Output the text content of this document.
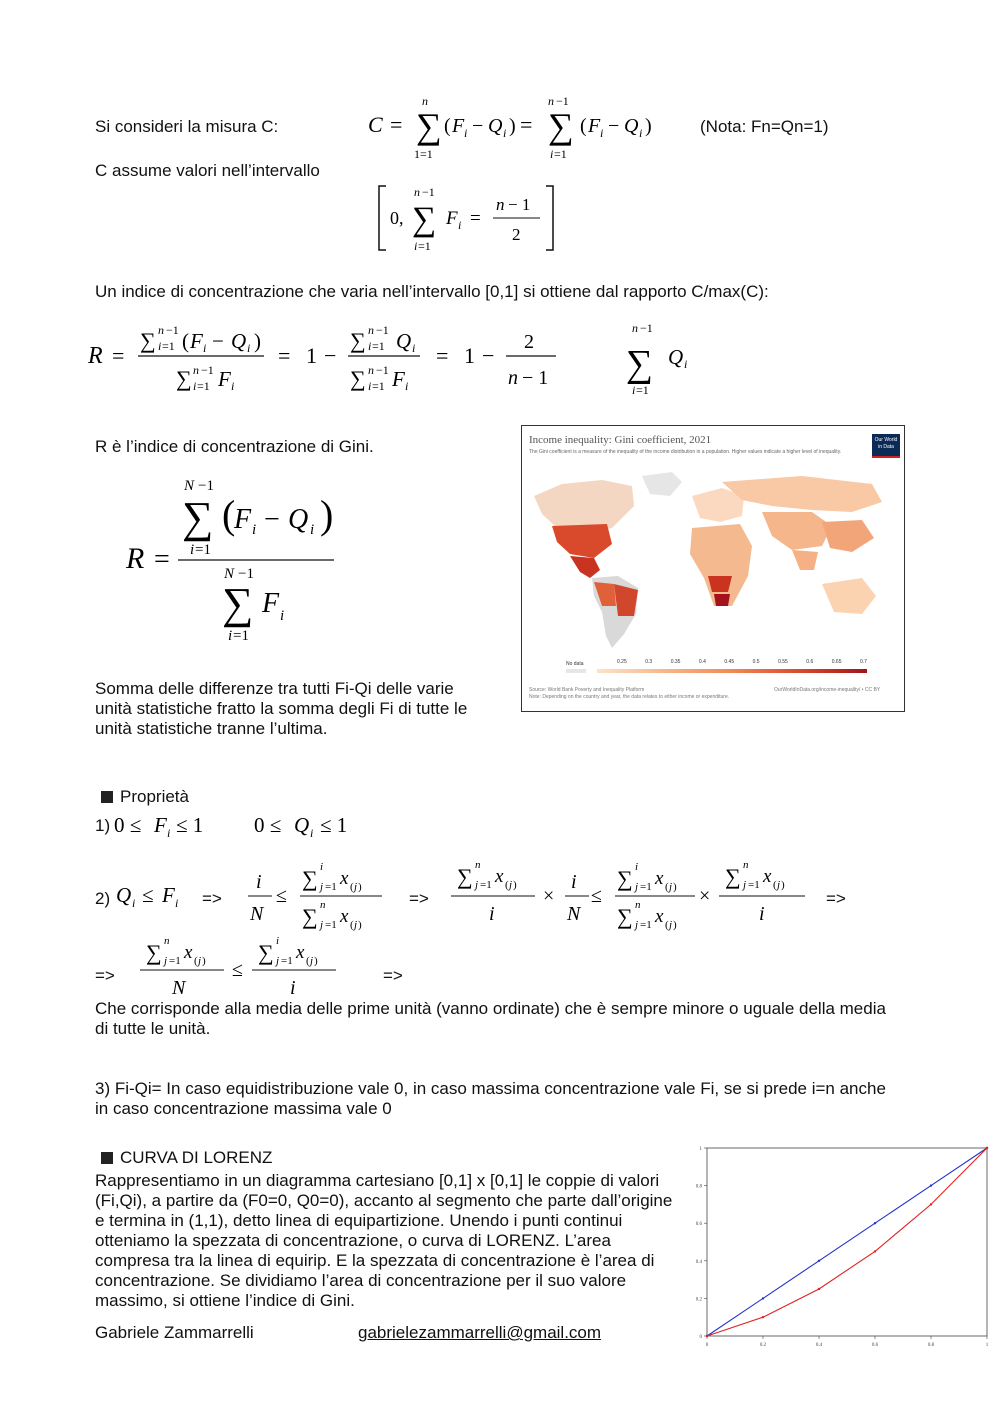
Si consideri la misura C:	(Nota: Fn=Qn=1)
C assume valori nell’intervallo
C = ∑
n
1=1
( F i − Q i ) = ∑
n −1
i =1
( F i − Q i )
0, ∑
n −1
i =1
F i =
n − 1
2
Un indice di concentrazione che varia nell’intervallo [0,1] si ottiene dal rapporto C/max(C):
R =
∑ n −1
i =1 ( F i − Q i )
∑ n −1
i =1 F i
= 1 −
∑ n −1
i =1 Q i
∑ n −1
i =1 F i
= 1 −
2
n − 1
n −1
∑
i =1
Q i
R è l’indice di concentrazione di Gini.
R =
N −1
∑
i =1
(
F i − Q i )
N −1
∑
i =1
F i
Somma delle differenze tra tutti Fi-Qi delle varie unità statistiche fratto la somma degli Fi di tutte le unità statistiche tranne l’ultima.
Income inequality: Gini coefficient, 2021
The Gini coefficient is a measure of the inequality of the income distribution in a population. Higher values indicate a higher level of inequality.
Our World
in Data
No data	0.25	0.3	0.35	0.4	0.45	0.5	0.55	0.6	0.65	0.7
Source: World Bank Poverty and Inequality Platform
Note: Depending on the country and year, the data relates to either income or expenditure.
OurWorldInData.org/income-inequality/ • CC BY
Proprietà
1) 0 ≤ F i ≤ 1 0 ≤ Q i ≤ 1
2) Q i ≤ F i =>
i
N
≤
∑ i
j =1 x ( j )
∑ n
j =1 x ( j )
=>
∑ n
j =1 x ( j )
i
×
i
N
≤
∑ i
j =1 x ( j )
∑ n
j =1 x ( j )
×
∑ n
j =1 x ( j )
i
=>
=>
∑ n
j =1 x ( j )
N
≤
∑ i
j =1 x ( j )
i
=>
Che corrisponde alla media delle prime unità (vanno ordinate) che è sempre minore o uguale della media di tutte le unità.
3) Fi-Qi= In caso equidistribuzione vale 0, in caso massima concentrazione vale Fi, se si prede i=n anche in caso concentrazione massima vale 0
CURVA DI LORENZ
Rappresentiamo in un diagramma cartesiano [0,1] x [0,1] le coppie di valori (Fi,Qi), a partire da (F0=0, Q0=0), accanto al segmento che parte dall’origine e termina in (1,1), detto linea di equipartizione. Unendo i punti continui otteniamo la spezzata di concentrazione, o curva di LORENZ. L’area compresa tra la linea di equirip. E la spezzata di concentrazione è l’area di concentrazione. Se dividiamo l’area di concentrazione per il suo valore massimo, si ottiene l’indice di Gini.
0	0.2	0.4	0.6	0.8	1
0
0.2
0.4
0.6
0.8
1
Gabriele Zammarrelli	gabrielezammarrelli@gmail.com
